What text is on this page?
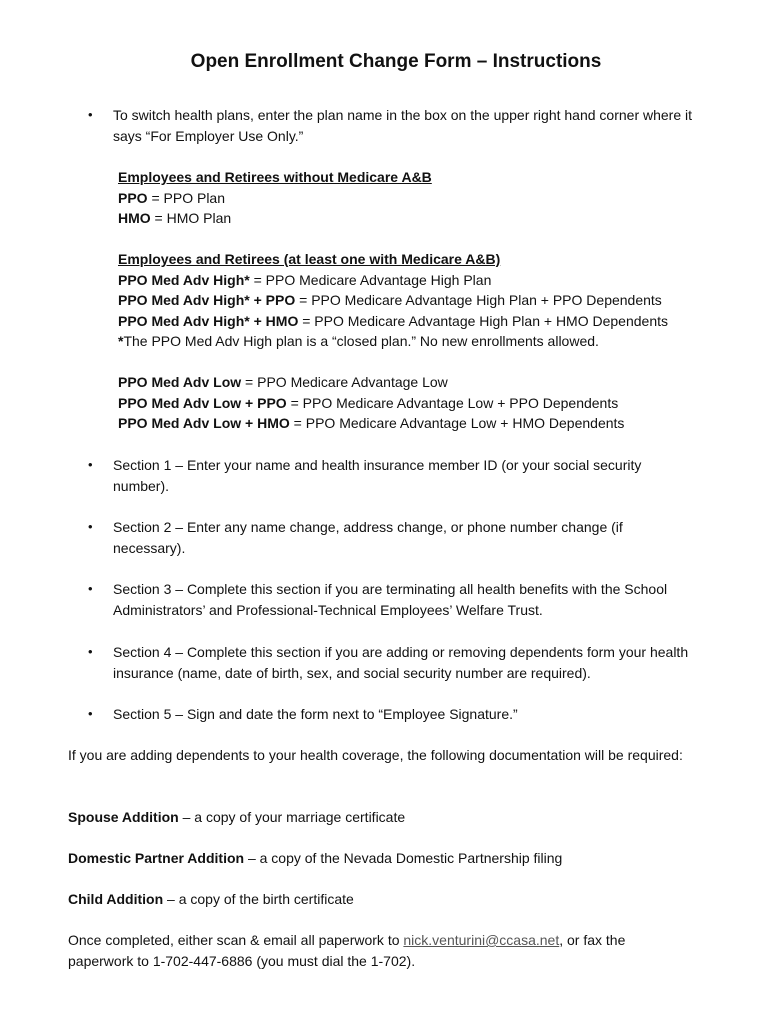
Open Enrollment Change Form – Instructions
• To switch health plans, enter the plan name in the box on the upper right hand corner where it says “For Employer Use Only.”
Employees and Retirees without Medicare A&B
PPO = PPO Plan
HMO = HMO Plan
Employees and Retirees (at least one with Medicare A&B)
PPO Med Adv High* = PPO Medicare Advantage High Plan
PPO Med Adv High* + PPO = PPO Medicare Advantage High Plan + PPO Dependents
PPO Med Adv High* + HMO = PPO Medicare Advantage High Plan + HMO Dependents
*The PPO Med Adv High plan is a “closed plan.” No new enrollments allowed.
PPO Med Adv Low = PPO Medicare Advantage Low
PPO Med Adv Low + PPO = PPO Medicare Advantage Low + PPO Dependents
PPO Med Adv Low + HMO = PPO Medicare Advantage Low + HMO Dependents
• Section 1 – Enter your name and health insurance member ID (or your social security number).
• Section 2 – Enter any name change, address change, or phone number change (if necessary).
• Section 3 – Complete this section if you are terminating all health benefits with the School Administrators’ and Professional-Technical Employees’ Welfare Trust.
• Section 4 – Complete this section if you are adding or removing dependents form your health insurance (name, date of birth, sex, and social security number are required).
• Section 5 – Sign and date the form next to “Employee Signature.”
If you are adding dependents to your health coverage, the following documentation will be required:
Spouse Addition – a copy of your marriage certificate
Domestic Partner Addition – a copy of the Nevada Domestic Partnership filing
Child Addition – a copy of the birth certificate
Once completed, either scan & email all paperwork to nick.venturini@ccasa.net, or fax the paperwork to 1-702-447-6886 (you must dial the 1-702).
